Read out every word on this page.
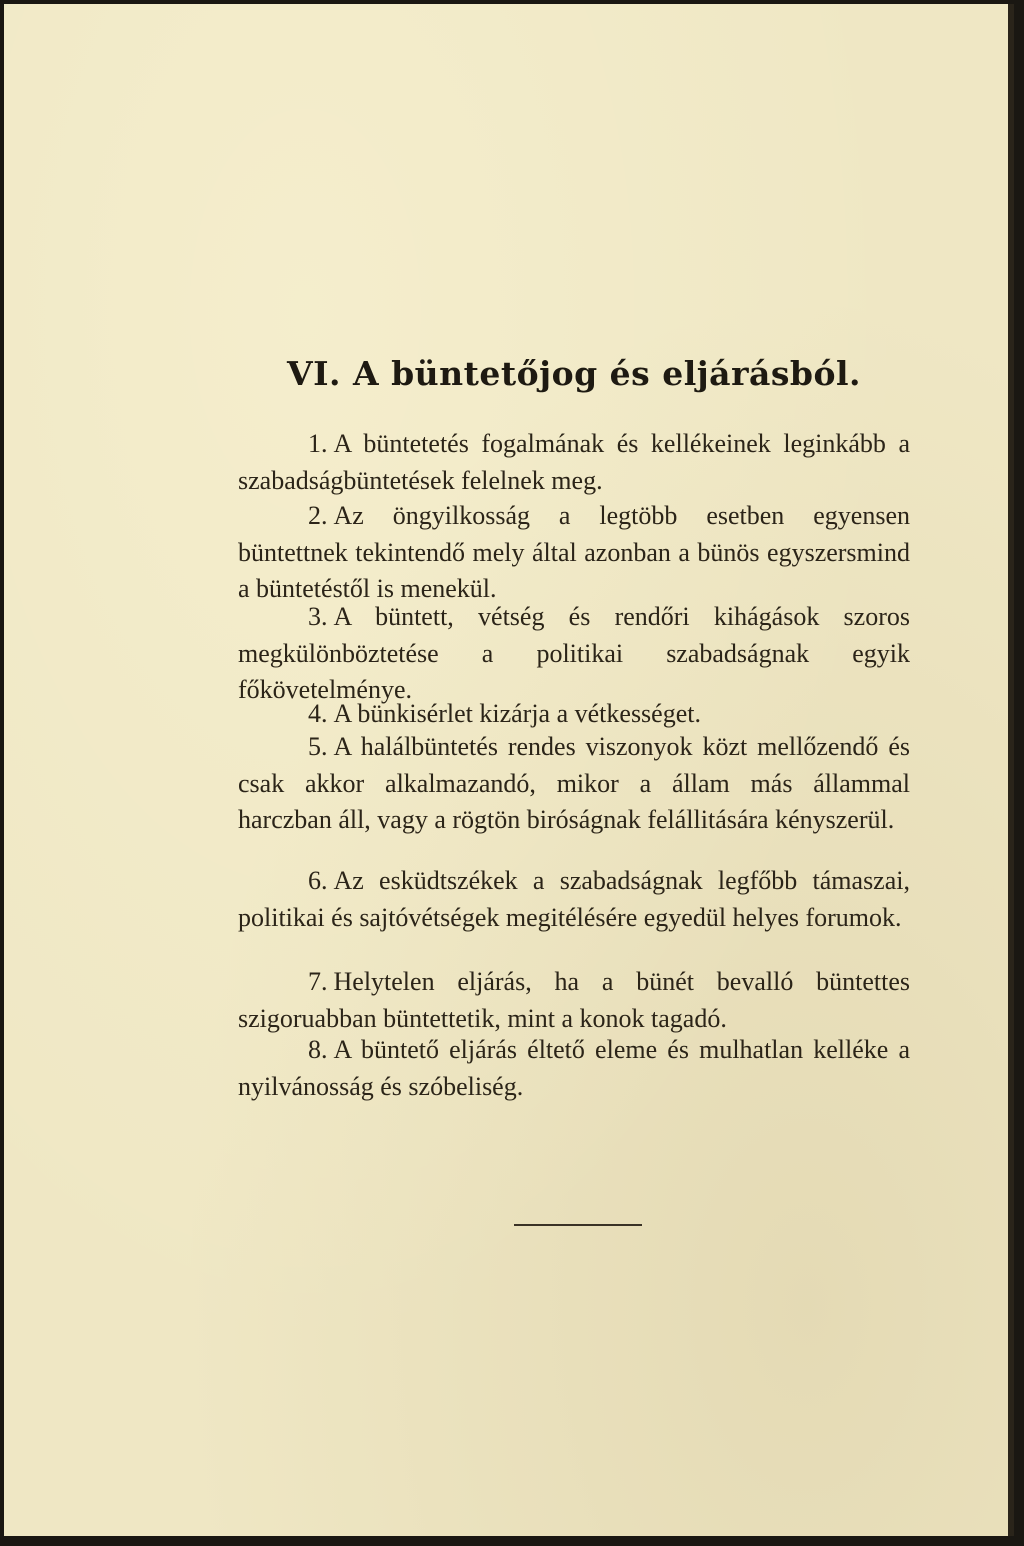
VI. A büntetőjog és eljárásból.

1. A büntetetés fogalmának és kellékeinek leginkább a szabadságbüntetések felelnek meg.

2. Az öngyilkosság a legtöbb esetben egyensen büntettnek tekintendő mely által azonban a bünös egyszersmind a büntetéstől is menekül.

3. A büntett, vétség és rendőri kihágások szoros megkülönböztetése a politikai szabadságnak egyik főkövetelménye.

4. A bünkisérlet kizárja a vétkességet.

5. A halálbüntetés rendes viszonyok közt mellőzendő és csak akkor alkalmazandó, mikor a állam más állammal harczban áll, vagy a rögtön biróságnak felállitására kényszerül.

6. Az esküdtszékek a szabadságnak legfőbb támaszai, politikai és sajtóvétségek megitélésére egyedül helyes forumok.

7. Helytelen eljárás, ha a bünét bevalló büntettes szigoruabban büntettetik, mint a konok tagadó.

8. A büntető eljárás éltető eleme és mulhatlan kelléke a nyilvánosság és szóbeliség.
